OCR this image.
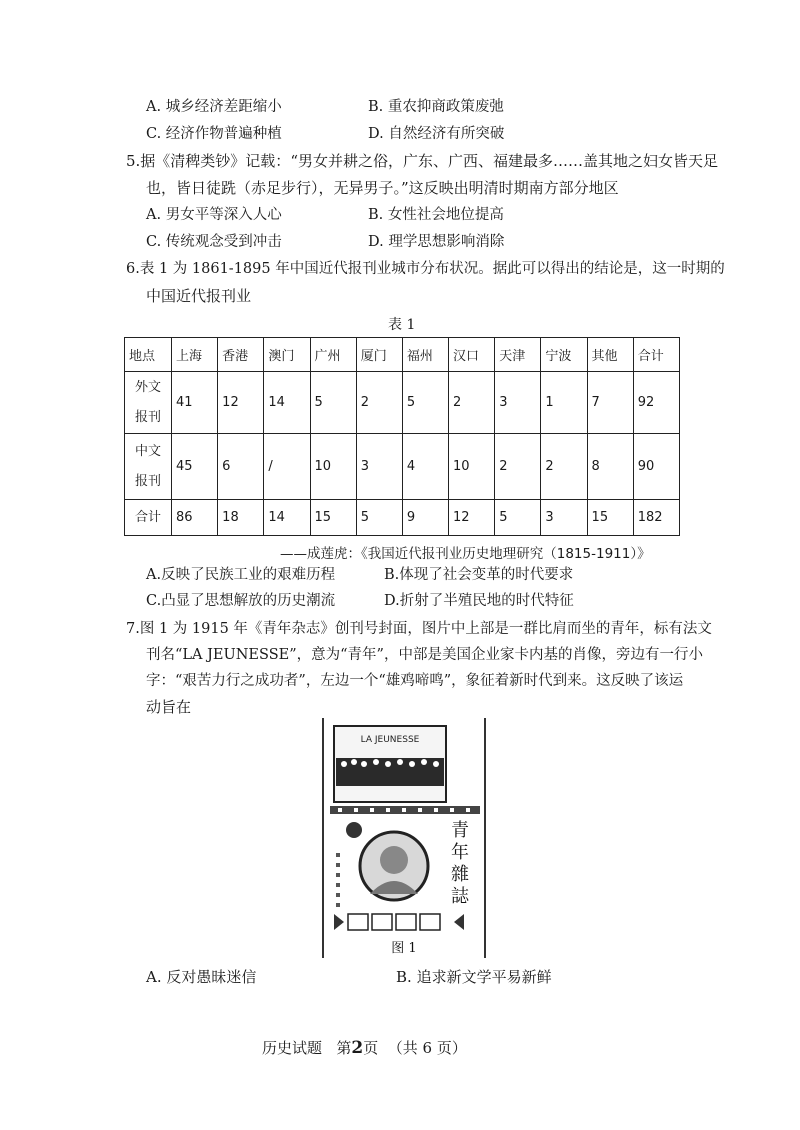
A. 城乡经济差距缩小	B. 重农抑商政策废弛
C. 经济作物普遍种植	D. 自然经济有所突破
5.据《清稗类钞》记载：“男女并耕之俗，广东、广西、福建最多……盖其地之妇女皆天足
也，皆日徒跣（赤足步行），无异男子。”这反映出明清时期南方部分地区
A. 男女平等深入人心	B. 女性社会地位提高
C. 传统观念受到冲击	D. 理学思想影响消除
6.表 1 为 1861-1895 年中国近代报刊业城市分布状况。据此可以得出的结论是，这一时期的
中国近代报刊业
表 1
地点	上海	香港	澳门	广州	厦门	福州	汉口	天津	宁波	其他	合计
外文
报刊	41	12	14	5	2	5	2	3	1	7	92
中文
报刊	45	6	/	10	3	4	10	2	2	8	90
合计	86	18	14	15	5	9	12	5	3	15	182
——成莲虎：《我国近代报刊业历史地理研究（1815-1911）》
A.反映了民族工业的艰难历程	B.体现了社会变革的时代要求
C.凸显了思想解放的历史潮流	D.折射了半殖民地的时代特征
7.图 1 为 1915 年《青年杂志》创刊号封面，图片中上部是一群比肩而坐的青年，标有法文
刊名“LA JEUNESSE”，意为“青年”，中部是美国企业家卡内基的肖像，旁边有一行小
字：“艰苦力行之成功者”，左边一个“雄鸡啼鸣”，象征着新时代到来。这反映了该运
动旨在
LA JEUNESSE
青
年
雜
誌
图 1
A. 反对愚昧迷信	B. 追求新文学平易新鲜
历史试题 第2页 （共 6 页）
